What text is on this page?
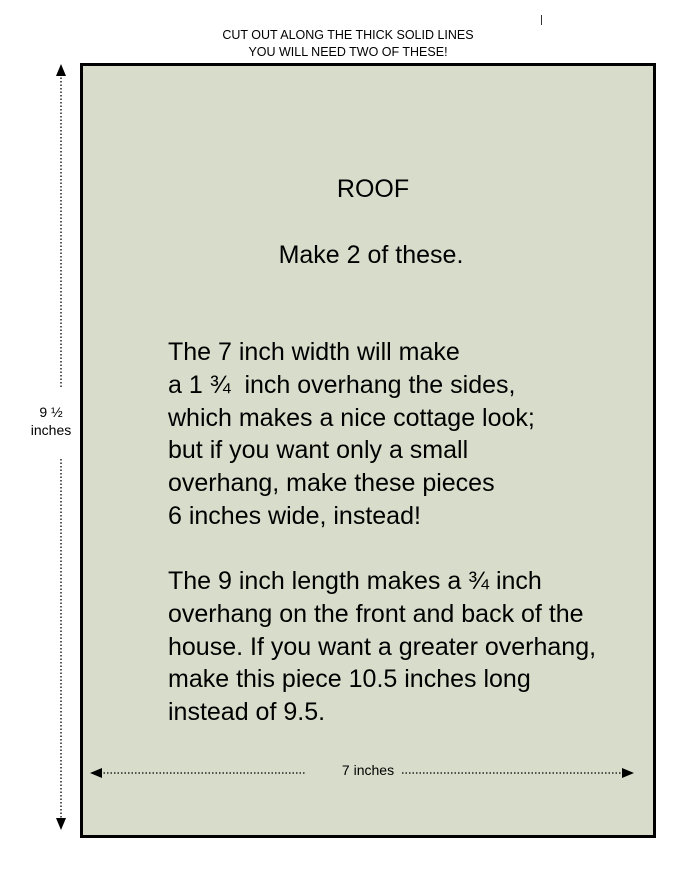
CUT OUT ALONG THE THICK SOLID LINES
YOU WILL NEED TWO OF THESE!
9 ½
inches
ROOF
Make 2 of these.
The 7 inch width will make
a 1 ¾  inch overhang the sides,
which makes a nice cottage look;
but if you want only a small
overhang, make these pieces
6 inches wide, instead!
The 9 inch length makes a ¾ inch
overhang on the front and back of the
house. If you want a greater overhang,
make this piece 10.5 inches long
instead of 9.5.
7 inches
